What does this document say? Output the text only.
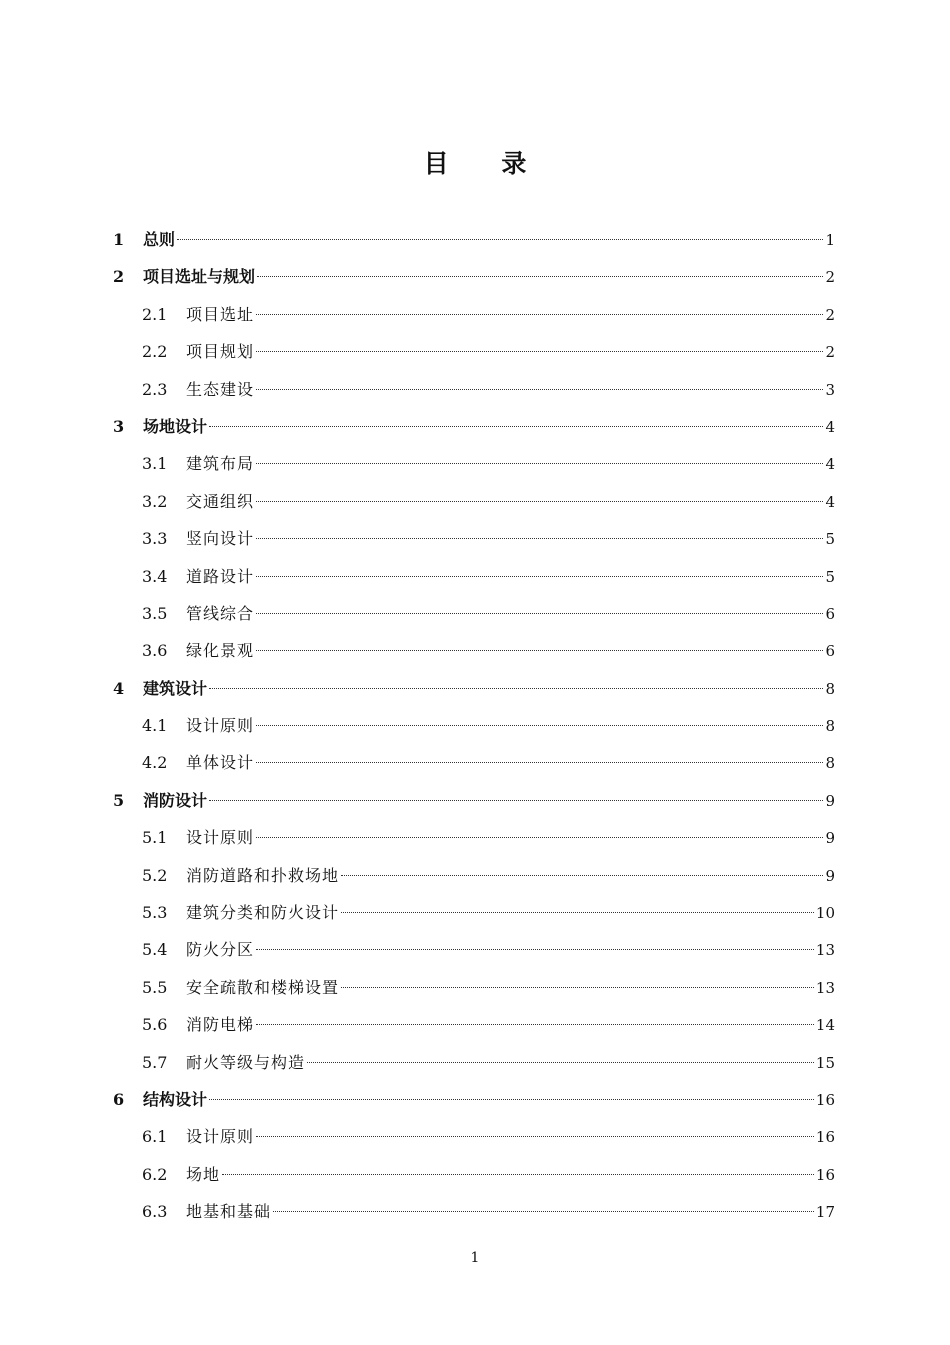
目 录
1	总则	1
2	项目选址与规划	2
2.1	项目选址	2
2.2	项目规划	2
2.3	生态建设	3
3	场地设计	4
3.1	建筑布局	4
3.2	交通组织	4
3.3	竖向设计	5
3.4	道路设计	5
3.5	管线综合	6
3.6	绿化景观	6
4	建筑设计	8
4.1	设计原则	8
4.2	单体设计	8
5	消防设计	9
5.1	设计原则	9
5.2	消防道路和扑救场地	9
5.3	建筑分类和防火设计	10
5.4	防火分区	13
5.5	安全疏散和楼梯设置	13
5.6	消防电梯	14
5.7	耐火等级与构造	15
6	结构设计	16
6.1	设计原则	16
6.2	场地	16
6.3	地基和基础	17
1
